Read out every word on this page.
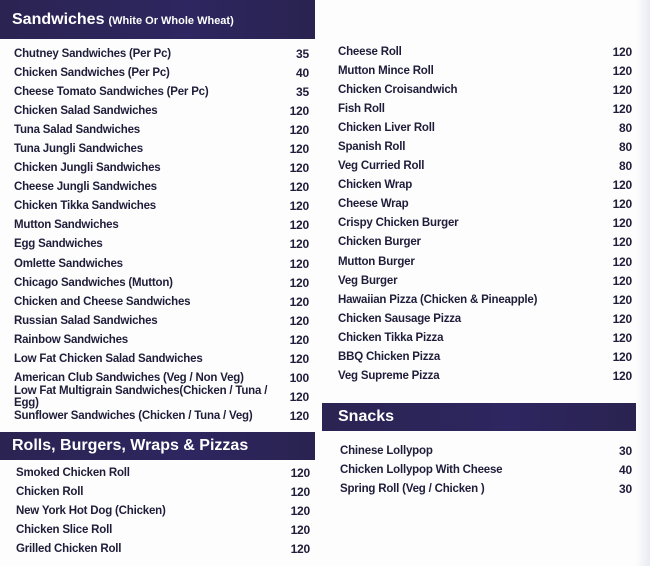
Sandwiches (White Or Whole Wheat)
Chutney Sandwiches (Per Pc)	35
Chicken Sandwiches (Per Pc)	40
Cheese Tomato Sandwiches (Per Pc)	35
Chicken Salad Sandwiches	120
Tuna Salad Sandwiches	120
Tuna Jungli Sandwiches	120
Chicken Jungli Sandwiches	120
Cheese Jungli Sandwiches	120
Chicken Tikka Sandwiches	120
Mutton Sandwiches	120
Egg Sandwiches	120
Omlette Sandwiches	120
Chicago Sandwiches (Mutton)	120
Chicken and Cheese Sandwiches	120
Russian Salad Sandwiches	120
Rainbow Sandwiches	120
Low Fat Chicken Salad Sandwiches	120
American Club Sandwiches (Veg / Non Veg)	100
Low Fat Multigrain Sandwiches(Chicken / Tuna / Egg)	120
Sunflower Sandwiches (Chicken / Tuna / Veg)	120
Rolls, Burgers, Wraps & Pizzas
Smoked Chicken Roll	120
Chicken Roll	120
New York Hot Dog (Chicken)	120
Chicken Slice Roll	120
Grilled Chicken Roll	120
Cheese Roll	120
Mutton Mince Roll	120
Chicken Croisandwich	120
Fish Roll	120
Chicken Liver Roll	80
Spanish Roll	80
Veg Curried Roll	80
Chicken Wrap	120
Cheese Wrap	120
Crispy Chicken Burger	120
Chicken Burger	120
Mutton Burger	120
Veg Burger	120
Hawaiian Pizza (Chicken & Pineapple)	120
Chicken Sausage Pizza	120
Chicken Tikka Pizza	120
BBQ Chicken Pizza	120
Veg Supreme Pizza	120
Snacks
Chinese Lollypop	30
Chicken Lollypop With Cheese	40
Spring Roll (Veg / Chicken )	30
